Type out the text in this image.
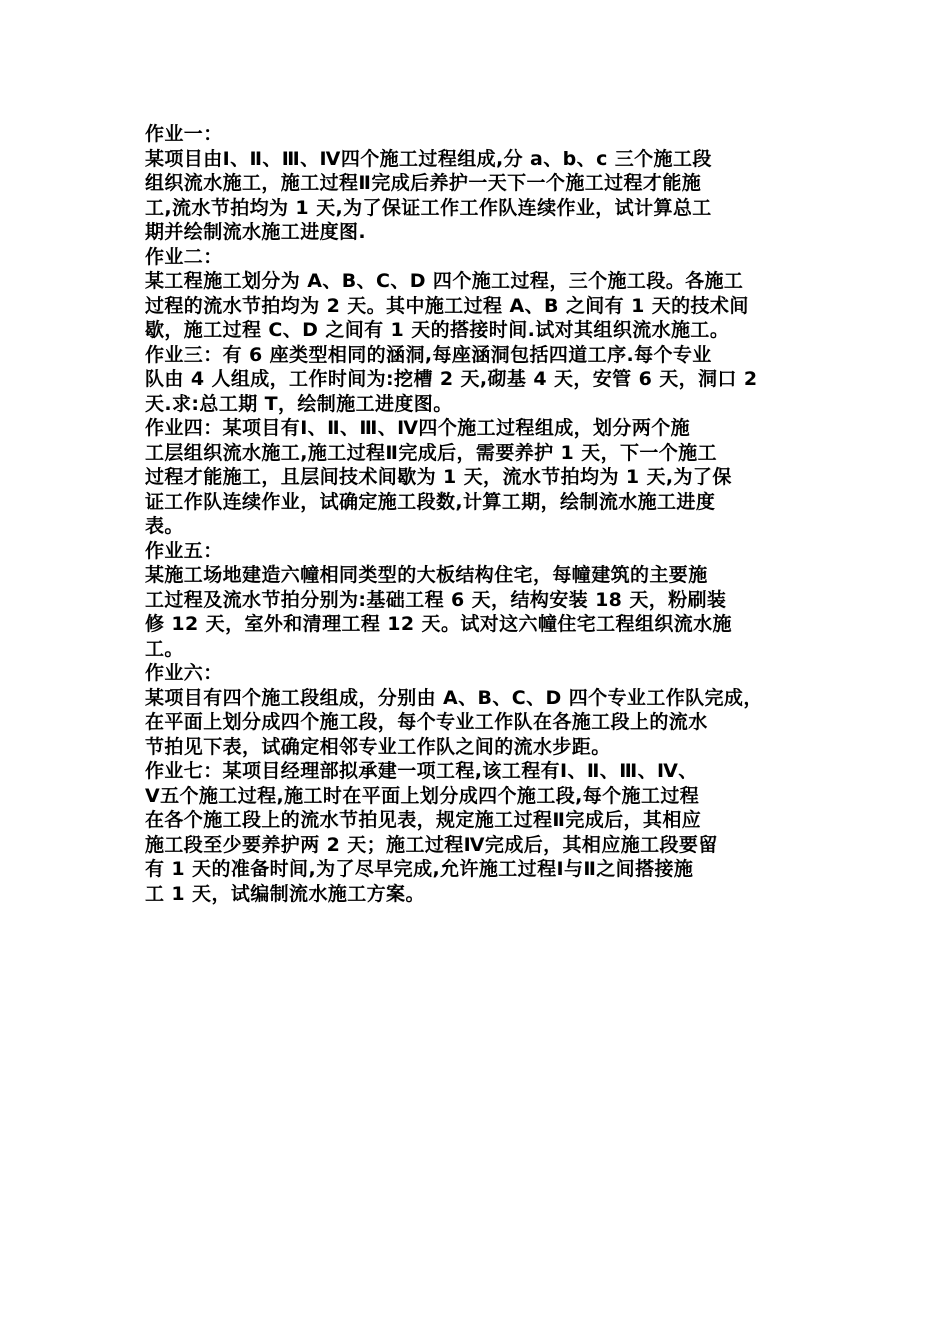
作业一：
某项目由Ⅰ、Ⅱ、Ⅲ、Ⅳ四个施工过程组成,分 a、b、c 三个施工段
组织流水施工，施工过程Ⅱ完成后养护一天下一个施工过程才能施
工,流水节拍均为 1 天,为了保证工作工作队连续作业，试计算总工
期并绘制流水施工进度图.
作业二：
某工程施工划分为 A、B、C、D 四个施工过程，三个施工段。各施工
过程的流水节拍均为 2 天。其中施工过程 A、B 之间有 1 天的技术间
歇，施工过程 C、D 之间有 1 天的搭接时间.试对其组织流水施工。
作业三：有 6 座类型相同的涵洞,每座涵洞包括四道工序.每个专业
队由 4 人组成，工作时间为:挖槽 2 天,砌基 4 天，安管 6 天，洞口 2
天.求:总工期 T，绘制施工进度图。
作业四：某项目有Ⅰ、Ⅱ、Ⅲ、Ⅳ四个施工过程组成，划分两个施
工层组织流水施工,施工过程Ⅱ完成后，需要养护 1 天，下一个施工
过程才能施工，且层间技术间歇为 1 天，流水节拍均为 1 天,为了保
证工作队连续作业，试确定施工段数,计算工期，绘制流水施工进度
表。
作业五：
某施工场地建造六幢相同类型的大板结构住宅，每幢建筑的主要施
工过程及流水节拍分别为:基础工程 6 天，结构安装 18 天，粉刷装
修 12 天，室外和清理工程 12 天。试对这六幢住宅工程组织流水施
工。
作业六：
某项目有四个施工段组成，分别由 A、B、C、D 四个专业工作队完成，
在平面上划分成四个施工段，每个专业工作队在各施工段上的流水
节拍见下表，试确定相邻专业工作队之间的流水步距。
作业七：某项目经理部拟承建一项工程,该工程有Ⅰ、Ⅱ、Ⅲ、Ⅳ、
Ⅴ五个施工过程,施工时在平面上划分成四个施工段,每个施工过程
在各个施工段上的流水节拍见表，规定施工过程Ⅱ完成后，其相应
施工段至少要养护两 2 天；施工过程Ⅳ完成后，其相应施工段要留
有 1 天的准备时间,为了尽早完成,允许施工过程Ⅰ与Ⅱ之间搭接施
工 1 天，试编制流水施工方案。
